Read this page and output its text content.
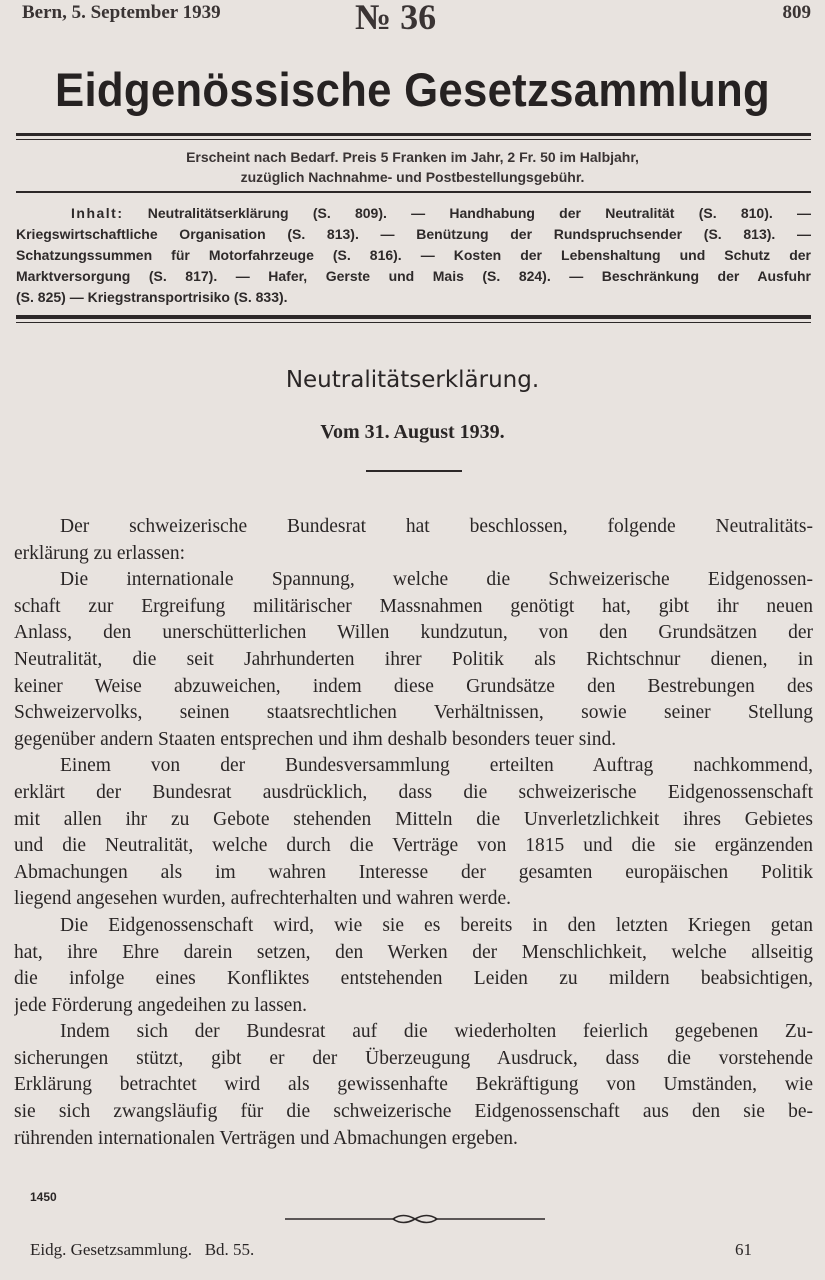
Bern, 5. September 1939	№ 36	809
Eidgenössische Gesetzsammlung
Erscheint nach Bedarf. Preis 5 Franken im Jahr, 2 Fr. 50 im Halbjahr,
zuzüglich Nachnahme- und Postbestellungsgebühr.
Inhalt: Neutralitätserklärung (S. 809). — Handhabung der Neutralität (S. 810). —
Kriegswirtschaftliche Organisation (S. 813). — Benützung der Rundspruchsender (S. 813). —
Schatzungssummen für Motorfahrzeuge (S. 816). — Kosten der Lebenshaltung und Schutz der
Marktversorgung (S. 817). — Hafer, Gerste und Mais (S. 824). — Beschränkung der Ausfuhr
(S. 825) — Kriegstransportrisiko (S. 833).
Neutralitätserklärung.
Vom 31. August 1939.
Der schweizerische Bundesrat hat beschlossen, folgende Neutralitäts-
erklärung zu erlassen:
Die internationale Spannung, welche die Schweizerische Eidgenossen-
schaft zur Ergreifung militärischer Massnahmen genötigt hat, gibt ihr neuen
Anlass, den unerschütterlichen Willen kundzutun, von den Grundsätzen der
Neutralität, die seit Jahrhunderten ihrer Politik als Richtschnur dienen, in
keiner Weise abzuweichen, indem diese Grundsätze den Bestrebungen des
Schweizervolks, seinen staatsrechtlichen Verhältnissen, sowie seiner Stellung
gegenüber andern Staaten entsprechen und ihm deshalb besonders teuer sind.
Einem von der Bundesversammlung erteilten Auftrag nachkommend,
erklärt der Bundesrat ausdrücklich, dass die schweizerische Eidgenossenschaft
mit allen ihr zu Gebote stehenden Mitteln die Unverletzlichkeit ihres Gebietes
und die Neutralität, welche durch die Verträge von 1815 und die sie ergänzenden
Abmachungen als im wahren Interesse der gesamten europäischen Politik
liegend angesehen wurden, aufrechterhalten und wahren werde.
Die Eidgenossenschaft wird, wie sie es bereits in den letzten Kriegen getan
hat, ihre Ehre darein setzen, den Werken der Menschlichkeit, welche allseitig
die infolge eines Konfliktes entstehenden Leiden zu mildern beabsichtigen,
jede Förderung angedeihen zu lassen.
Indem sich der Bundesrat auf die wiederholten feierlich gegebenen Zu-
sicherungen stützt, gibt er der Überzeugung Ausdruck, dass die vorstehende
Erklärung betrachtet wird als gewissenhafte Bekräftigung von Umständen, wie
sie sich zwangsläufig für die schweizerische Eidgenossenschaft aus den sie be-
rührenden internationalen Verträgen und Abmachungen ergeben.
1450
Eidg. Gesetzsammlung.   Bd. 55.	61
